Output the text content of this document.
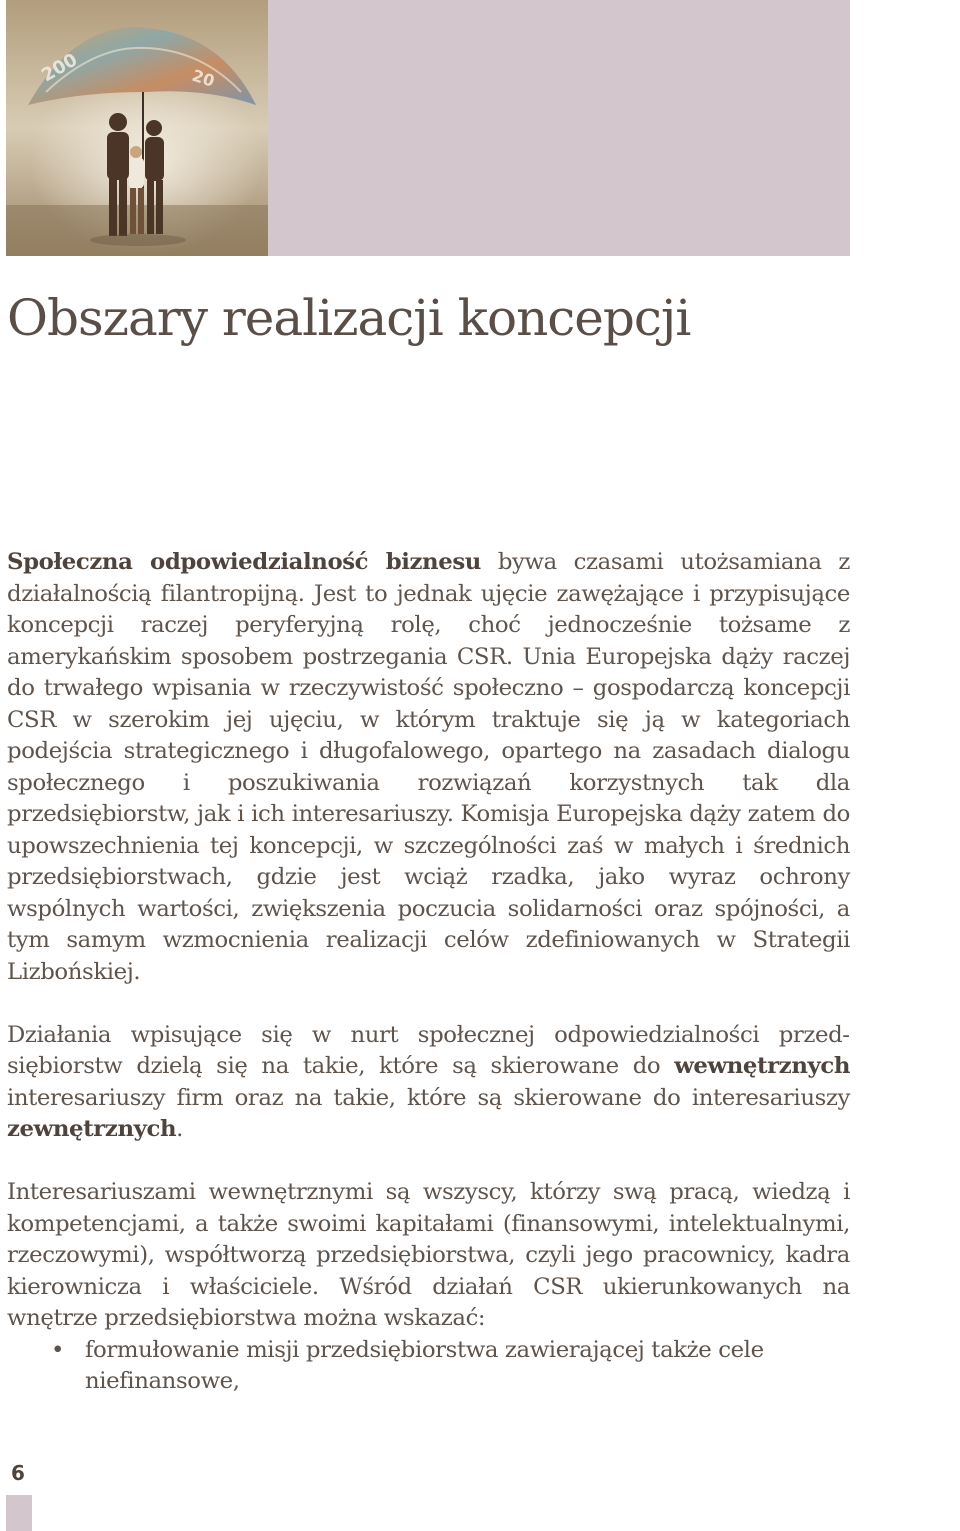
200	20
Obszary realizacji koncepcji

Społeczna odpowiedzialność biznesu bywa czasami utożsamiana z działalnością filantropijną. Jest to jednak ujęcie zawężające i przypisujące koncepcji raczej peryferyjną rolę, choć jednocześnie tożsame z amerykańskim sposobem postrzegania CSR. Unia Europejska dąży raczej do trwałego wpisania w rzeczywistość społeczno – gospodarczą koncepcji CSR w szerokim jej ujęciu, w którym traktuje się ją w kategoriach podejścia strategicznego i długofalowego, opartego na zasadach dialogu społecznego i poszukiwania rozwiązań korzystnych tak dla przedsiębiorstw, jak i ich interesariuszy. Komisja Europejska dąży zatem do upowszechnienia tej koncepcji, w szczególności zaś w małych i średnich przedsiębiorstwach, gdzie jest wciąż rzadka, jako wyraz ochrony wspólnych wartości, zwiększenia poczucia solidarności oraz spójności, a tym samym wzmocnienia realizacji celów zdefiniowanych w Strategii Lizbońskiej.

Działania wpisujące się w nurt społecznej odpowiedzialności przedsiębiorstw dzielą się na takie, które są skierowane do wewnętrznych interesariuszy firm oraz na takie, które są skierowane do interesariuszy zewnętrznych.

Interesariuszami wewnętrznymi są wszyscy, którzy swą pracą, wiedzą i kompetencjami, a także swoimi kapitałami (finansowymi, intelektualnymi, rzeczowymi), współtworzą przedsiębiorstwa, czyli jego pracownicy, kadra kierownicza i właściciele. Wśród działań CSR ukierunkowanych na wnętrze przedsiębiorstwa można wskazać:

• formułowanie misji przedsiębiorstwa zawierającej także cele niefinansowe,
6
